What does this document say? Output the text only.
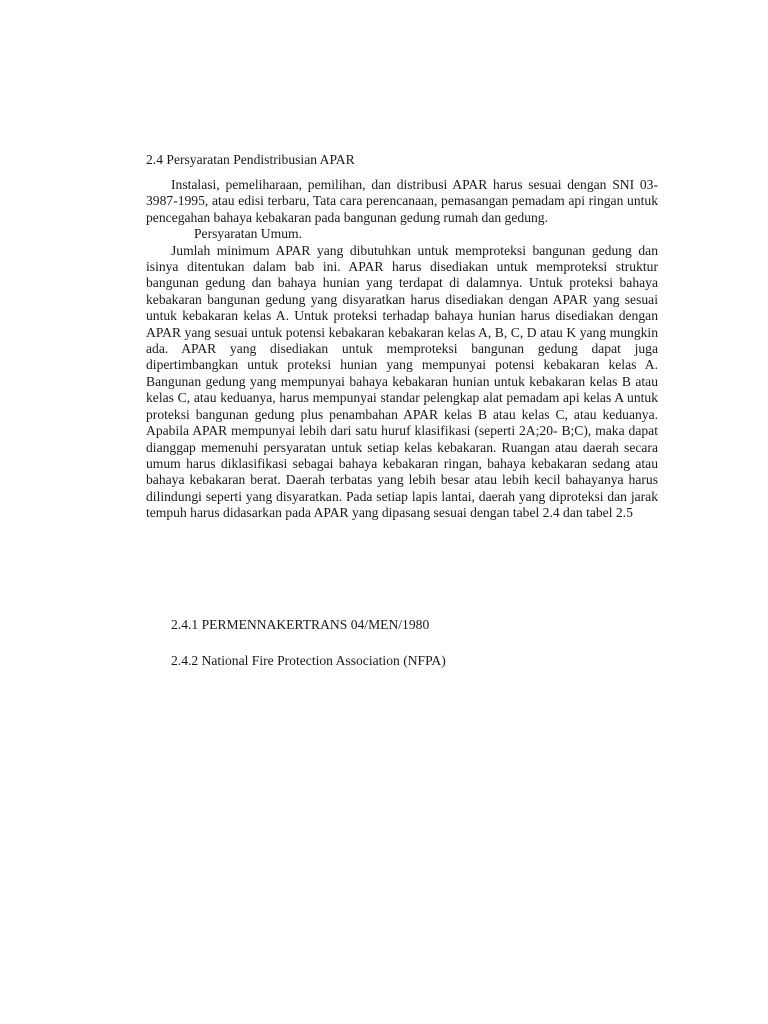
2.4 Persyaratan Pendistribusian APAR

Instalasi, pemeliharaan, pemilihan, dan distribusi APAR harus sesuai dengan SNI 03-3987-1995, atau edisi terbaru, Tata cara perencanaan, pemasangan pemadam api ringan untuk pencegahan bahaya kebakaran pada bangunan gedung rumah dan gedung.

Persyaratan Umum.

Jumlah minimum APAR yang dibutuhkan untuk memproteksi bangunan gedung dan isinya ditentukan dalam bab ini. APAR harus disediakan untuk memproteksi struktur bangunan gedung dan bahaya hunian yang terdapat di dalamnya. Untuk proteksi bahaya kebakaran bangunan gedung yang disyaratkan harus disediakan dengan APAR yang sesuai untuk kebakaran kelas A. Untuk proteksi terhadap bahaya hunian harus disediakan dengan APAR yang sesuai untuk potensi kebakaran kebakaran kelas A, B, C, D atau K yang mungkin ada. APAR yang disediakan untuk memproteksi bangunan gedung dapat juga dipertimbangkan untuk proteksi hunian yang mempunyai potensi kebakaran kelas A. Bangunan gedung yang mempunyai bahaya kebakaran hunian untuk kebakaran kelas B atau kelas C, atau keduanya, harus mempunyai standar pelengkap alat pemadam api kelas A untuk proteksi bangunan gedung plus penambahan APAR kelas B atau kelas C, atau keduanya. Apabila APAR mempunyai lebih dari satu huruf klasifikasi (seperti 2A;20- B;C), maka dapat dianggap memenuhi persyaratan untuk setiap kelas kebakaran. Ruangan atau daerah secara umum harus diklasifikasi sebagai bahaya kebakaran ringan, bahaya kebakaran sedang atau bahaya kebakaran berat. Daerah terbatas yang lebih besar atau lebih kecil bahayanya harus dilindungi seperti yang disyaratkan. Pada setiap lapis lantai, daerah yang diproteksi dan jarak tempuh harus didasarkan pada APAR yang dipasang sesuai dengan tabel 2.4 dan tabel 2.5

2.4.1 PERMENNAKERTRANS 04/MEN/1980
2.4.2 National Fire Protection Association (NFPA)
